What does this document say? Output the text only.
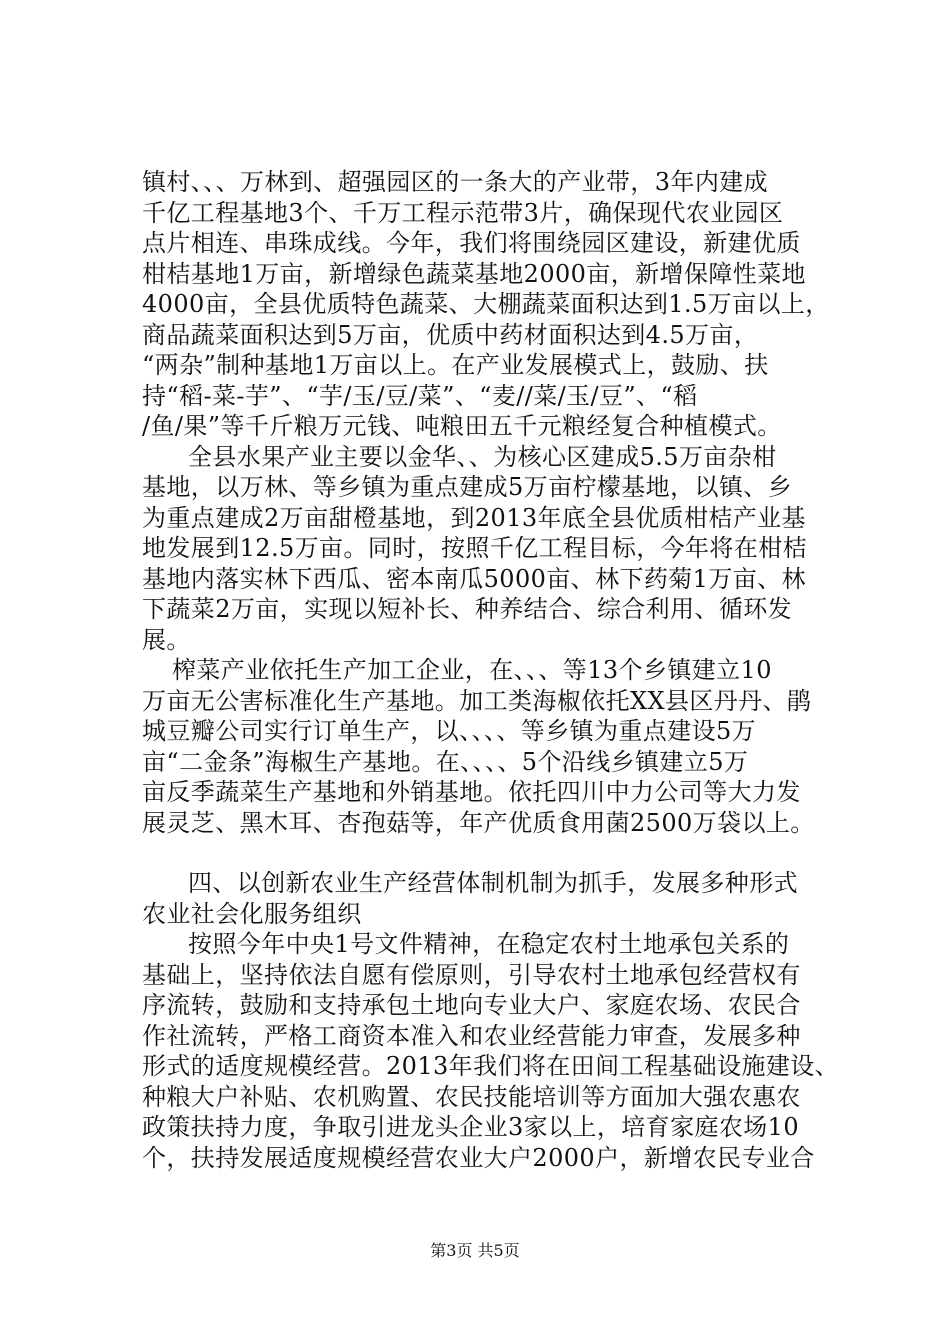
镇村、、、万林到、超强园区的一条大的产业带，3年内建成
千亿工程基地3个、千万工程示范带3片，确保现代农业园区
点片相连、串珠成线。今年，我们将围绕园区建设，新建优质
柑桔基地1万亩，新增绿色蔬菜基地2000亩，新增保障性菜地
4000亩，全县优质特色蔬菜、大棚蔬菜面积达到1.5万亩以上，
商品蔬菜面积达到5万亩，优质中药材面积达到4.5万亩，
“两杂”制种基地1万亩以上。在产业发展模式上，鼓励、扶
持“稻-菜-芋”、“芋/玉/豆/菜”、“麦//菜/玉/豆”、“稻
/鱼/果”等千斤粮万元钱、吨粮田五千元粮经复合种植模式。
全县水果产业主要以金华、、为核心区建成5.5万亩杂柑
基地，以万林、等乡镇为重点建成5万亩柠檬基地，以镇、乡
为重点建成2万亩甜橙基地，到2013年底全县优质柑桔产业基
地发展到12.5万亩。同时，按照千亿工程目标，今年将在柑桔
基地内落实林下西瓜、密本南瓜5000亩、林下药菊1万亩、林
下蔬菜2万亩，实现以短补长、种养结合、综合利用、循环发
展。
榨菜产业依托生产加工企业，在、、、等13个乡镇建立10
万亩无公害标准化生产基地。加工类海椒依托XX县区丹丹、鹃
城豆瓣公司实行订单生产，以、、、、等乡镇为重点建设5万
亩“二金条”海椒生产基地。在、、、、5个沿线乡镇建立5万
亩反季蔬菜生产基地和外销基地。依托四川中力公司等大力发
展灵芝、黑木耳、杏孢菇等，年产优质食用菌2500万袋以上。
四、以创新农业生产经营体制机制为抓手，发展多种形式
农业社会化服务组织
按照今年中央1号文件精神，在稳定农村土地承包关系的
基础上，坚持依法自愿有偿原则，引导农村土地承包经营权有
序流转，鼓励和支持承包土地向专业大户、家庭农场、农民合
作社流转，严格工商资本准入和农业经营能力审查，发展多种
形式的适度规模经营。2013年我们将在田间工程基础设施建设、
种粮大户补贴、农机购置、农民技能培训等方面加大强农惠农
政策扶持力度，争取引进龙头企业3家以上，培育家庭农场10
个，扶持发展适度规模经营农业大户2000户，新增农民专业合
第3页 共5页
